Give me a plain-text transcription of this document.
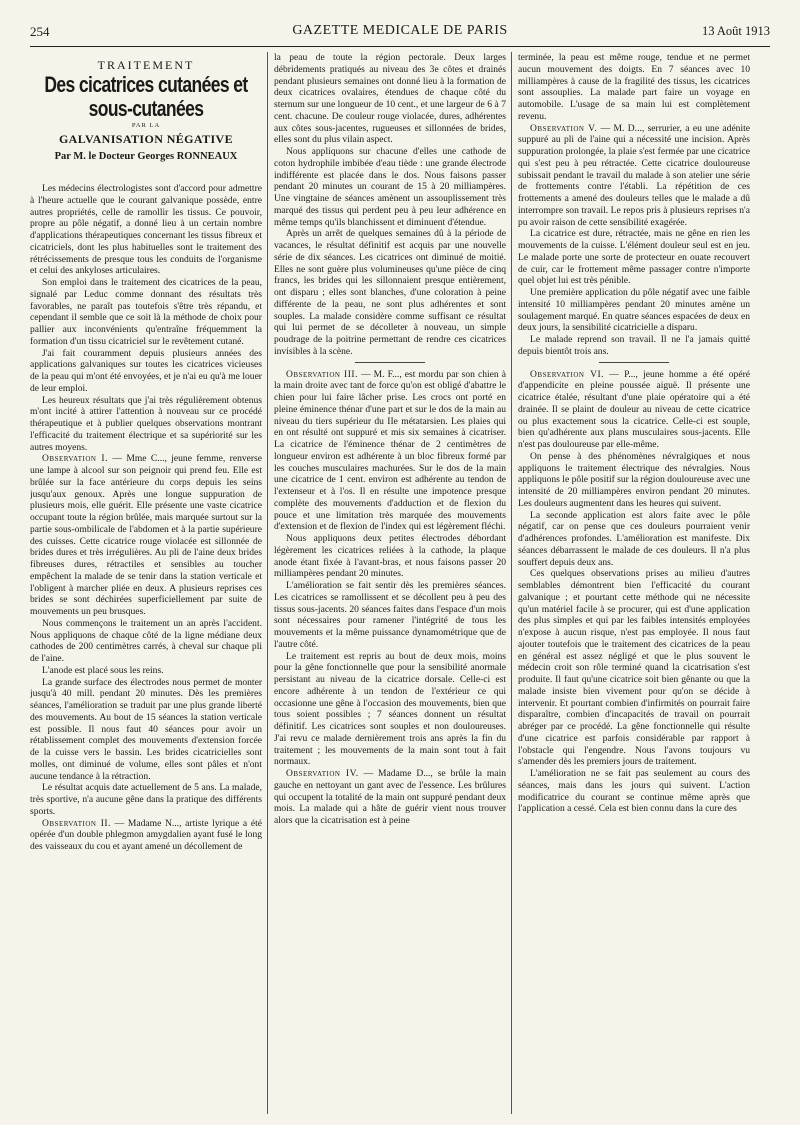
254	GAZETTE MEDICALE DE PARIS	13 Août 1913
TRAITEMENT
Des cicatrices cutanées et sous-cutanées
PAR LA
GALVANISATION NÉGATIVE
Par M. le Docteur Georges RONNEAUX

Les médecins électrologistes sont d'accord pour admettre à l'heure actuelle que le courant galvanique possède, entre autres propriétés, celle de ramollir les tissus. Ce pouvoir, propre au pôle négatif, a donné lieu à un certain nombre d'applications thérapeutiques concernant les tissus fibreux et cicatriciels, dont les plus habituelles sont le traitement des rétrécissements de presque tous les conduits de l'organisme et celui des ankyloses articulaires.

Son emploi dans le traitement des cicatrices de la peau, signalé par Leduc comme donnant des résultats très favorables, ne paraît pas toutefois s'être très répandu, et cependant il semble que ce soit là la méthode de choix pour pallier aux inconvénients qu'entraîne fréquemment la formation d'un tissu cicatriciel sur le revêtement cutané.

J'ai fait couramment depuis plusieurs années des applications galvaniques sur toutes les cicatrices vicieuses de la peau qui m'ont été envoyées, et je n'ai eu qu'à me louer de leur emploi.

Les heureux résultats que j'ai très régulièrement obtenus m'ont incité à attirer l'attention à nouveau sur ce procédé thérapeutique et à publier quelques observations montrant l'efficacité du traitement électrique et sa supériorité sur les autres moyens.

Observation I. — Mme C..., jeune femme, renverse une lampe à alcool sur son peignoir qui prend feu. Elle est brûlée sur la face antérieure du corps depuis les seins jusqu'aux genoux. Après une longue suppuration de plusieurs mois, elle guérit. Elle présente une vaste cicatrice occupant toute la région brûlée, mais marquée surtout sur la partie sous-ombilicale de l'abdomen et à la partie supérieure des cuisses. Cette cicatrice rouge violacée est sillonnée de brides dures et très irrégulières. Au pli de l'aine deux brides fibreuses dures, rétractiles et sensibles au toucher empêchent la malade de se tenir dans la station verticale et l'obligent à marcher pliée en deux. A plusieurs reprises ces brides se sont déchirées superficiellement par suite de mouvements un peu brusques.

Nous commençons le traitement un an après l'accident. Nous appliquons de chaque côté de la ligne médiane deux cathodes de 200 centimètres carrés, à cheval sur chaque pli de l'aine.

L'anode est placé sous les reins.

La grande surface des électrodes nous permet de monter jusqu'à 40 mill. pendant 20 minutes. Dès les premières séances, l'amélioration se traduit par une plus grande liberté des mouvements. Au bout de 15 séances la station verticale est possible. Il nous faut 40 séances pour avoir un rétablissement complet des mouvements d'extension forcée de la cuisse vers le bassin. Les brides cicatricielles sont molles, ont diminué de volume, elles sont pâles et n'ont aucune tendance à la rétraction.

Le résultat acquis date actuellement de 5 ans. La malade, très sportive, n'a aucune gêne dans la pratique des différents sports.

Observation II. — Madame N..., artiste lyrique a été opérée d'un double phlegmon amygdalien ayant fusé le long des vaisseaux du cou et ayant amené un décollement de

la peau de toute la région pectorale. Deux larges débridements pratiqués au niveau des 3e côtes et drainés pendant plusieurs semaines ont donné lieu à la formation de deux cicatrices ovalaires, étendues de chaque côté du sternum sur une longueur de 10 cent., et une largeur de 6 à 7 cent. chacune. De couleur rouge violacée, dures, adhérentes aux côtes sous-jacentes, rugueuses et sillonnées de brides, elles sont du plus vilain aspect.

Nous appliquons sur chacune d'elles une cathode de coton hydrophile imbibée d'eau tiède : une grande électrode indifférente est placée dans le dos. Nous faisons passer pendant 20 minutes un courant de 15 à 20 milliampères. Une vingtaine de séances amènent un assouplissement très marqué des tissus qui perdent peu à peu leur adhérence en même temps qu'ils blanchissent et diminuent d'étendue.

Après un arrêt de quelques semaines dû à la période de vacances, le résultat définitif est acquis par une nouvelle série de dix séances. Les cicatrices ont diminué de moitié. Elles ne sont guère plus volumineuses qu'une pièce de cinq francs, les brides qui les sillonnaient presque entièrement, ont disparu ; elles sont blanches, d'une coloration à peine différente de la peau, ne sont plus adhérentes et sont souples. La malade considère comme suffisant ce résultat qui lui permet de se décolleter à nouveau, un simple poudrage de la poitrine permettant de rendre ces cicatrices invisibles à la scène.

Observation III. — M. F..., est mordu par son chien à la main droite avec tant de force qu'on est obligé d'abattre le chien pour lui faire lâcher prise. Les crocs ont porté en pleine éminence thénar d'une part et sur le dos de la main au niveau du tiers supérieur du IIe métatarsien. Les plaies qui en ont résulté ont suppuré et mis six semaines à cicatriser. La cicatrice de l'éminence thénar de 2 centimètres de longueur environ est adhérente à un bloc fibreux formé par les couches musculaires machurées. Sur le dos de la main une cicatrice de 1 cent. environ est adhérente au tendon de l'extenseur et à l'os. Il en résulte une impotence presque complète des mouvements d'adduction et de flexion du pouce et une limitation très marquée des mouvements d'extension et de flexion de l'index qui est légèrement fléchi.

Nous appliquons deux petites électrodes débordant légèrement les cicatrices reliées à la cathode, la plaque anode étant fixée à l'avant-bras, et nous faisons passer 20 milliampères pendant 20 minutes.

L'amélioration se fait sentir dès les premières séances. Les cicatrices se ramollissent et se décollent peu à peu des tissus sous-jacents. 20 séances faites dans l'espace d'un mois sont nécessaires pour ramener l'intégrité de tous les mouvements et la même puissance dynamométrique que de l'autre côté.

Le traitement est repris au bout de deux mois, moins pour la gêne fonctionnelle que pour la sensibilité anormale persistant au niveau de la cicatrice dorsale. Celle-ci est encore adhérente à un tendon de l'extérieur ce qui occasionne une gêne à l'occasion des mouvements, bien que tous soient possibles ; 7 séances donnent un résultat définitif. Les cicatrices sont souples et non douloureuses. J'ai revu ce malade dernièrement trois ans après la fin du traitement ; les mouvements de la main sont tout à fait normaux.

Observation IV. — Madame D..., se brûle la main gauche en nettoyant un gant avec de l'essence. Les brûlures qui occupent la totalité de la main ont suppuré pendant deux mois. La malade qui a hâte de guérir vient nous trouver alors que la cicatrisation est à peine

terminée, la peau est même rouge, tendue et ne permet aucun mouvement des doigts. En 7 séances avec 10 milliampères à cause de la fragilité des tissus, les cicatrices sont assouplies. La malade part faire un voyage en automobile. L'usage de sa main lui est complètement revenu.

Observation V. — M. D..., serrurier, a eu une adénite suppuré au pli de l'aine qui a nécessité une incision. Après suppuration prolongée, la plaie s'est fermée par une cicatrice qui s'est peu à peu rétractée. Cette cicatrice douloureuse subissait pendant le travail du malade à son atelier une série de frottements contre l'établi. La répétition de ces frottements a amené des douleurs telles que le malade a dû interrompre son travail. Le repos pris à plusieurs reprises n'a pu avoir raison de cette sensibilité exagérée.

La cicatrice est dure, rétractée, mais ne gêne en rien les mouvements de la cuisse. L'élément douleur seul est en jeu. Le malade porte une sorte de protecteur en ouate recouvert de cuir, car le frottement même passager contre n'importe quel objet lui est très pénible.

Une première application du pôle négatif avec une faible intensité 10 milliampères pendant 20 minutes amène un soulagement marqué. En quatre séances espacées de deux en deux jours, la sensibilité cicatricielle a disparu.

Le malade reprend son travail. Il ne l'a jamais quitté depuis bientôt trois ans.

Observation VI. — P..., jeune homme a été opéré d'appendicite en pleine poussée aiguë. Il présente une cicatrice étalée, résultant d'une plaie opératoire qui a été drainée. Il se plaint de douleur au niveau de cette cicatrice ou plus exactement sous la cicatrice. Celle-ci est souple, bien qu'adhérente aux plans musculaires sous-jacents. Elle n'est pas douloureuse par elle-même.

On pense à des phénomènes névralgiques et nous appliquons le traitement électrique des névralgies. Nous appliquons le pôle positif sur la région douloureuse avec une intensité de 20 milliampères environ pendant 20 minutes. Les douleurs augmentent dans les heures qui suivent.

La seconde application est alors faite avec le pôle négatif, car on pense que ces douleurs pourraient venir d'adhérences profondes. L'amélioration est manifeste. Dix séances débarrassent le malade de ces douleurs. Il n'a plus souffert depuis deux ans.

Ces quelques observations prises au milieu d'autres semblables démontrent bien l'efficacité du courant galvanique ; et pourtant cette méthode qui ne nécessite qu'un matériel facile à se procurer, qui est d'une application des plus simples et qui par les faibles intensités employées n'expose à aucun risque, n'est pas employée. Il nous faut ajouter toutefois que le traitement des cicatrices de la peau en général est assez négligé et que le plus souvent le médecin croit son rôle terminé quand la cicatrisation s'est produite. Il faut qu'une cicatrice soit bien gênante ou que la malade insiste bien vivement pour qu'on se décide à intervenir. Et pourtant combien d'infirmités on pourrait faire disparaître, combien d'incapacités de travail on pourrait abréger par ce procédé. La gêne fonctionnelle qui résulte d'une cicatrice est parfois considérable par rapport à l'obstacle qui l'engendre. Nous l'avons toujours vu s'amender dès les premiers jours de traitement.

L'amélioration ne se fait pas seulement au cours des séances, mais dans les jours qui suivent. L'action modificatrice du courant se continue même après que l'application a cessé. Cela est bien connu dans la cure des
